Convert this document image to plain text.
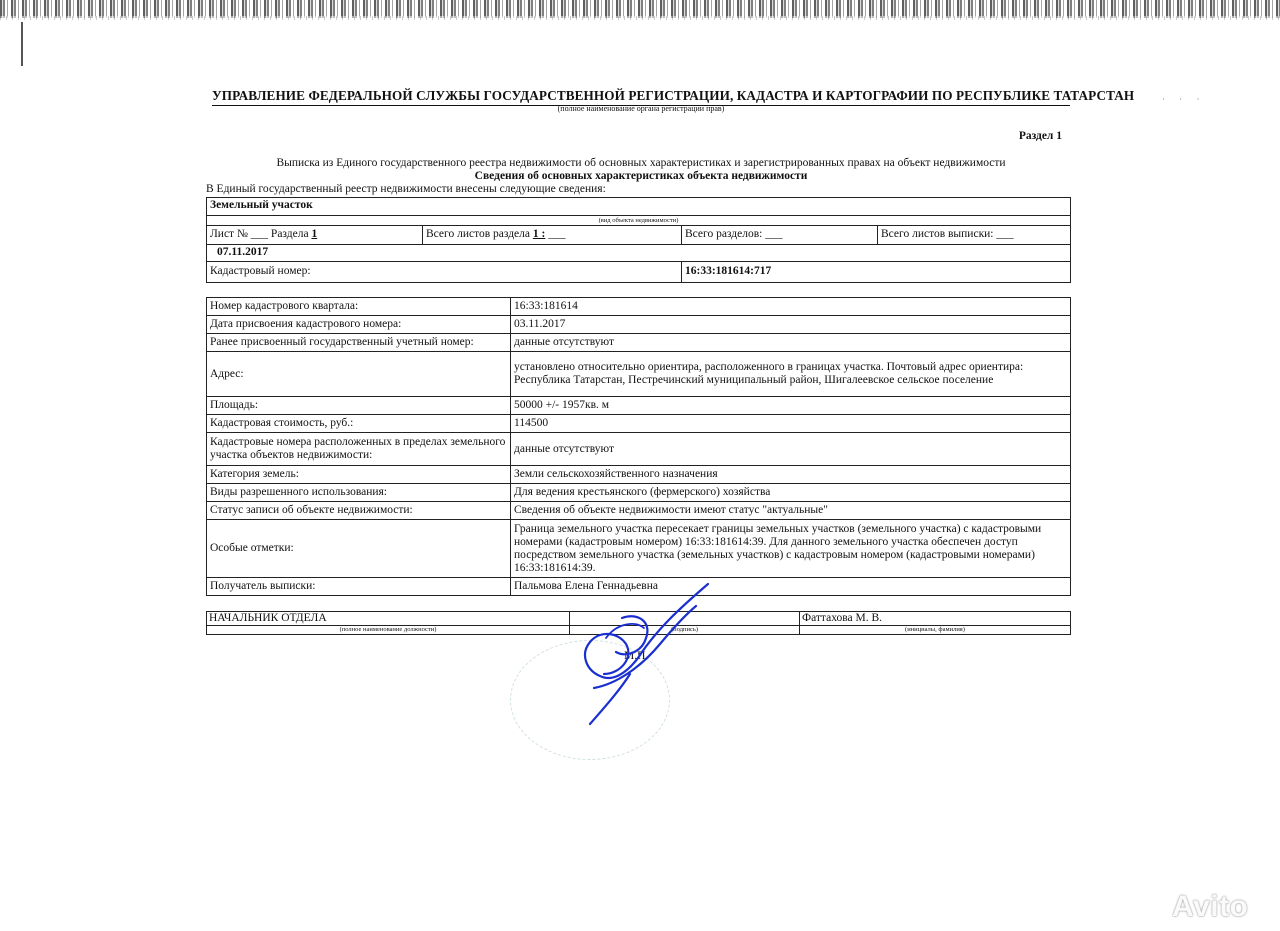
· · ·
УПРАВЛЕНИЕ ФЕДЕРАЛЬНОЙ СЛУЖБЫ ГОСУДАРСТВЕННОЙ РЕГИСТРАЦИИ, КАДАСТРА И КАРТОГРАФИИ ПО РЕСПУБЛИКЕ ТАТАРСТАН
(полное наименование органа регистрации прав)
Раздел 1
Выписка из Единого государственного реестра недвижимости об основных характеристиках и зарегистрированных правах на объект недвижимости
Сведения об основных характеристиках объекта недвижимости
В Единый государственный реестр недвижимости внесены следующие сведения:
Земельный участок
(вид объекта недвижимости)
Лист № ___ Раздела 1	Всего листов раздела 1 : ___	Всего разделов: ___	Всего листов выписки: ___
07.11.2017
Кадастровый номер:	16:33:181614:717
Номер кадастрового квартала:	16:33:181614
Дата присвоения кадастрового номера:	03.11.2017
Ранее присвоенный государственный учетный номер:	данные отсутствуют
Адрес:	установлено относительно ориентира, расположенного в границах участка. Почтовый адрес ориентира: Республика Татарстан, Пестречинский муниципальный район, Шигалеевское сельское поселение
Площадь:	50000 +/- 1957кв. м
Кадастровая стоимость, руб.:	114500
Кадастровые номера расположенных в пределах земельного участка объектов недвижимости:	данные отсутствуют
Категория земель:	Земли сельскохозяйственного назначения
Виды разрешенного использования:	Для ведения крестьянского (фермерского) хозяйства
Статус записи об объекте недвижимости:	Сведения об объекте недвижимости имеют статус "актуальные"
Особые отметки:	Граница земельного участка пересекает границы земельных участков (земельного участка) с кадастровыми номерами (кадастровым номером) 16:33:181614:39. Для данного земельного участка обеспечен доступ посредством земельного участка (земельных участков) с кадастровым номером (кадастровыми номерами) 16:33:181614:39.
Получатель выписки:	Пальмова Елена Геннадьевна
НАЧАЛЬНИК ОТДЕЛА		Фаттахова М. В.
(полное наименование должности)	(подпись)	(инициалы, фамилия)
М.П.
Avito
